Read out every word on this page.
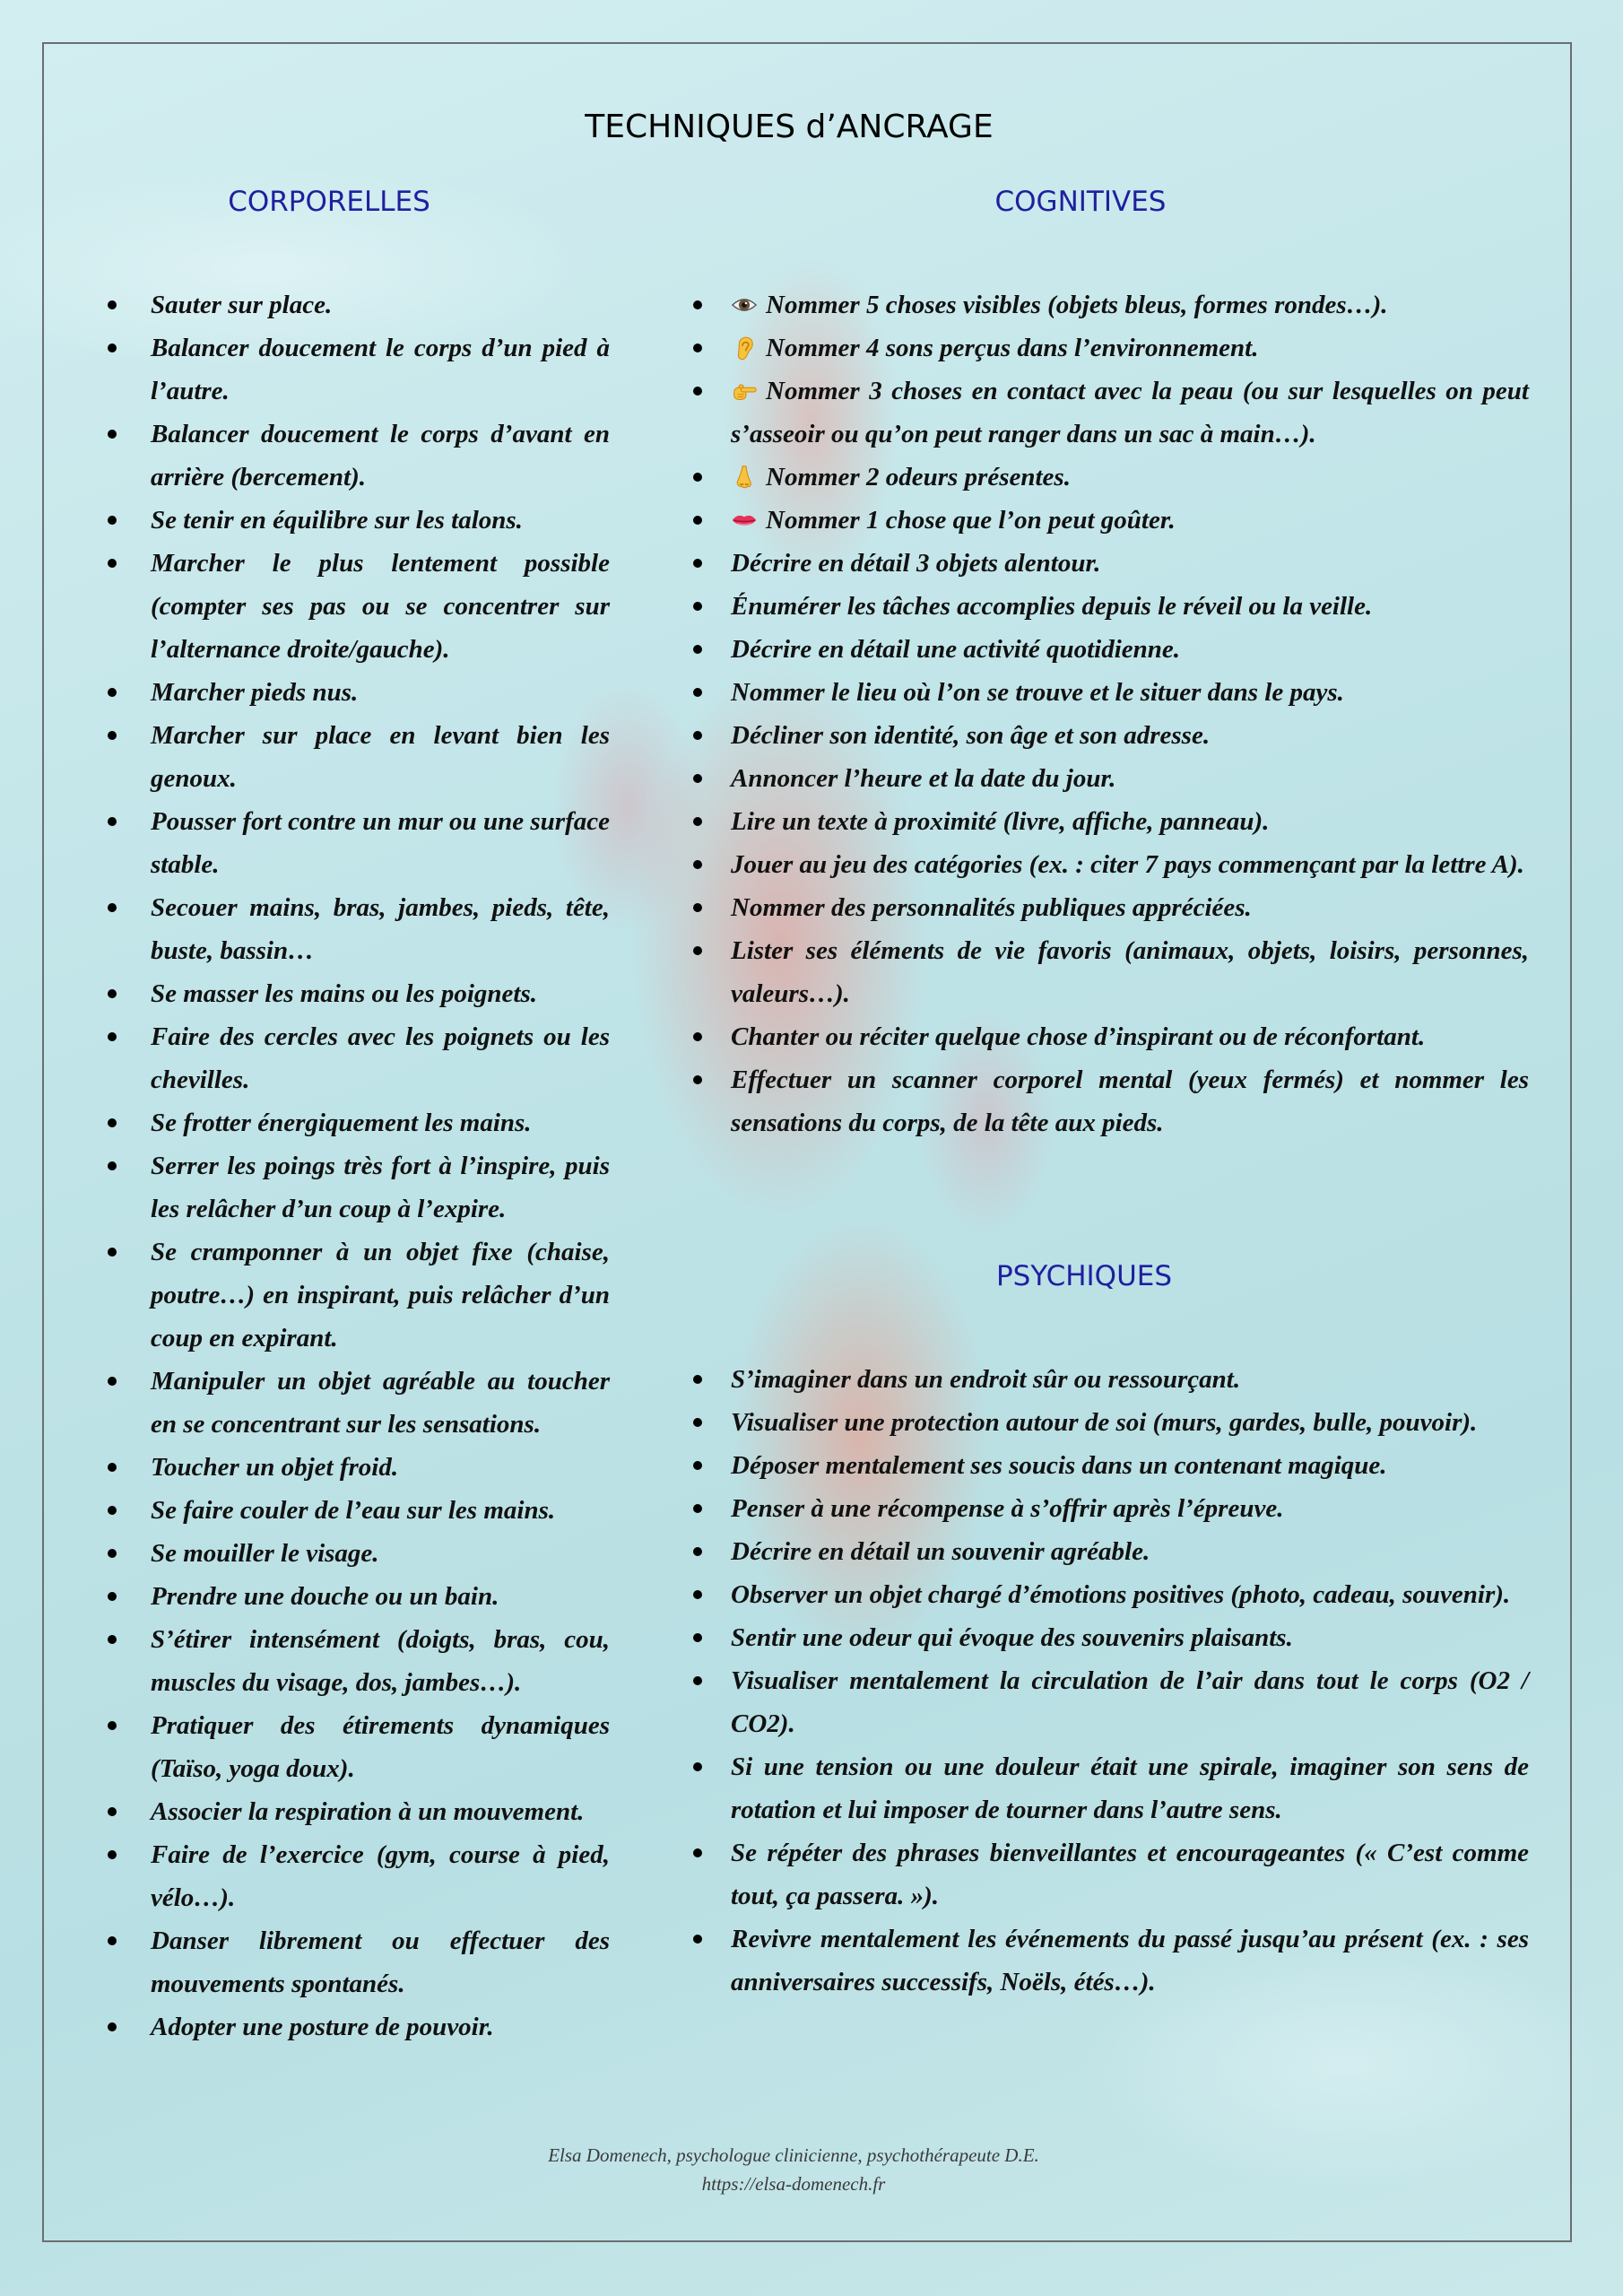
TECHNIQUES d’ANCRAGE
CORPORELLES	COGNITIVES
PSYCHIQUES
Sauter sur place.
Balancer doucement le corps d’un pied à l’autre.
Balancer doucement le corps d’avant en arrière (bercement).
Se tenir en équilibre sur les talons.
Marcher le plus lentement possible (compter ses pas ou se concentrer sur l’alternance droite/gauche).
Marcher pieds nus.
Marcher sur place en levant bien les genoux.
Pousser fort contre un mur ou une surface stable.
Secouer mains, bras, jambes, pieds, tête, buste, bassin…
Se masser les mains ou les poignets.
Faire des cercles avec les poignets ou les chevilles.
Se frotter énergiquement les mains.
Serrer les poings très fort à l’inspire, puis les relâcher d’un coup à l’expire.
Se cramponner à un objet fixe (chaise, poutre…) en inspirant, puis relâcher d’un coup en expirant.
Manipuler un objet agréable au toucher en se concentrant sur les sensations.
Toucher un objet froid.
Se faire couler de l’eau sur les mains.
Se mouiller le visage.
Prendre une douche ou un bain.
S’étirer intensément (doigts, bras, cou, muscles du visage, dos, jambes…).
Pratiquer des étirements dynamiques (Taïso, yoga doux).
Associer la respiration à un mouvement.
Faire de l’exercice (gym, course à pied, vélo…).
Danser librement ou effectuer des mouvements spontanés.
Adopter une posture de pouvoir.
Nommer 5 choses visibles (objets bleus, formes rondes…).
Nommer 4 sons perçus dans l’environnement.
Nommer 3 choses en contact avec la peau (ou sur lesquelles on peut s’asseoir ou qu’on peut ranger dans un sac à main…).
Nommer 2 odeurs présentes.
Nommer 1 chose que l’on peut goûter.
Décrire en détail 3 objets alentour.
Énumérer les tâches accomplies depuis le réveil ou la veille.
Décrire en détail une activité quotidienne.
Nommer le lieu où l’on se trouve et le situer dans le pays.
Décliner son identité, son âge et son adresse.
Annoncer l’heure et la date du jour.
Lire un texte à proximité (livre, affiche, panneau).
Jouer au jeu des catégories (ex. : citer 7 pays commençant par la lettre A).
Nommer des personnalités publiques appréciées.
Lister ses éléments de vie favoris (animaux, objets, loisirs, personnes, valeurs…).
Chanter ou réciter quelque chose d’inspirant ou de réconfortant.
Effectuer un scanner corporel mental (yeux fermés) et nommer les sensations du corps, de la tête aux pieds.
S’imaginer dans un endroit sûr ou ressourçant.
Visualiser une protection autour de soi (murs, gardes, bulle, pouvoir).
Déposer mentalement ses soucis dans un contenant magique.
Penser à une récompense à s’offrir après l’épreuve.
Décrire en détail un souvenir agréable.
Observer un objet chargé d’émotions positives (photo, cadeau, souvenir).
Sentir une odeur qui évoque des souvenirs plaisants.
Visualiser mentalement la circulation de l’air dans tout le corps (O2 / CO2).
Si une tension ou une douleur était une spirale, imaginer son sens de rotation et lui imposer de tourner dans l’autre sens.
Se répéter des phrases bienveillantes et encourageantes (« C’est comme tout, ça passera. »).
Revivre mentalement les événements du passé jusqu’au présent (ex. : ses anniversaires successifs, Noëls, étés…).
Elsa Domenech, psychologue clinicienne, psychothérapeute D.E.
https://elsa-domenech.fr
